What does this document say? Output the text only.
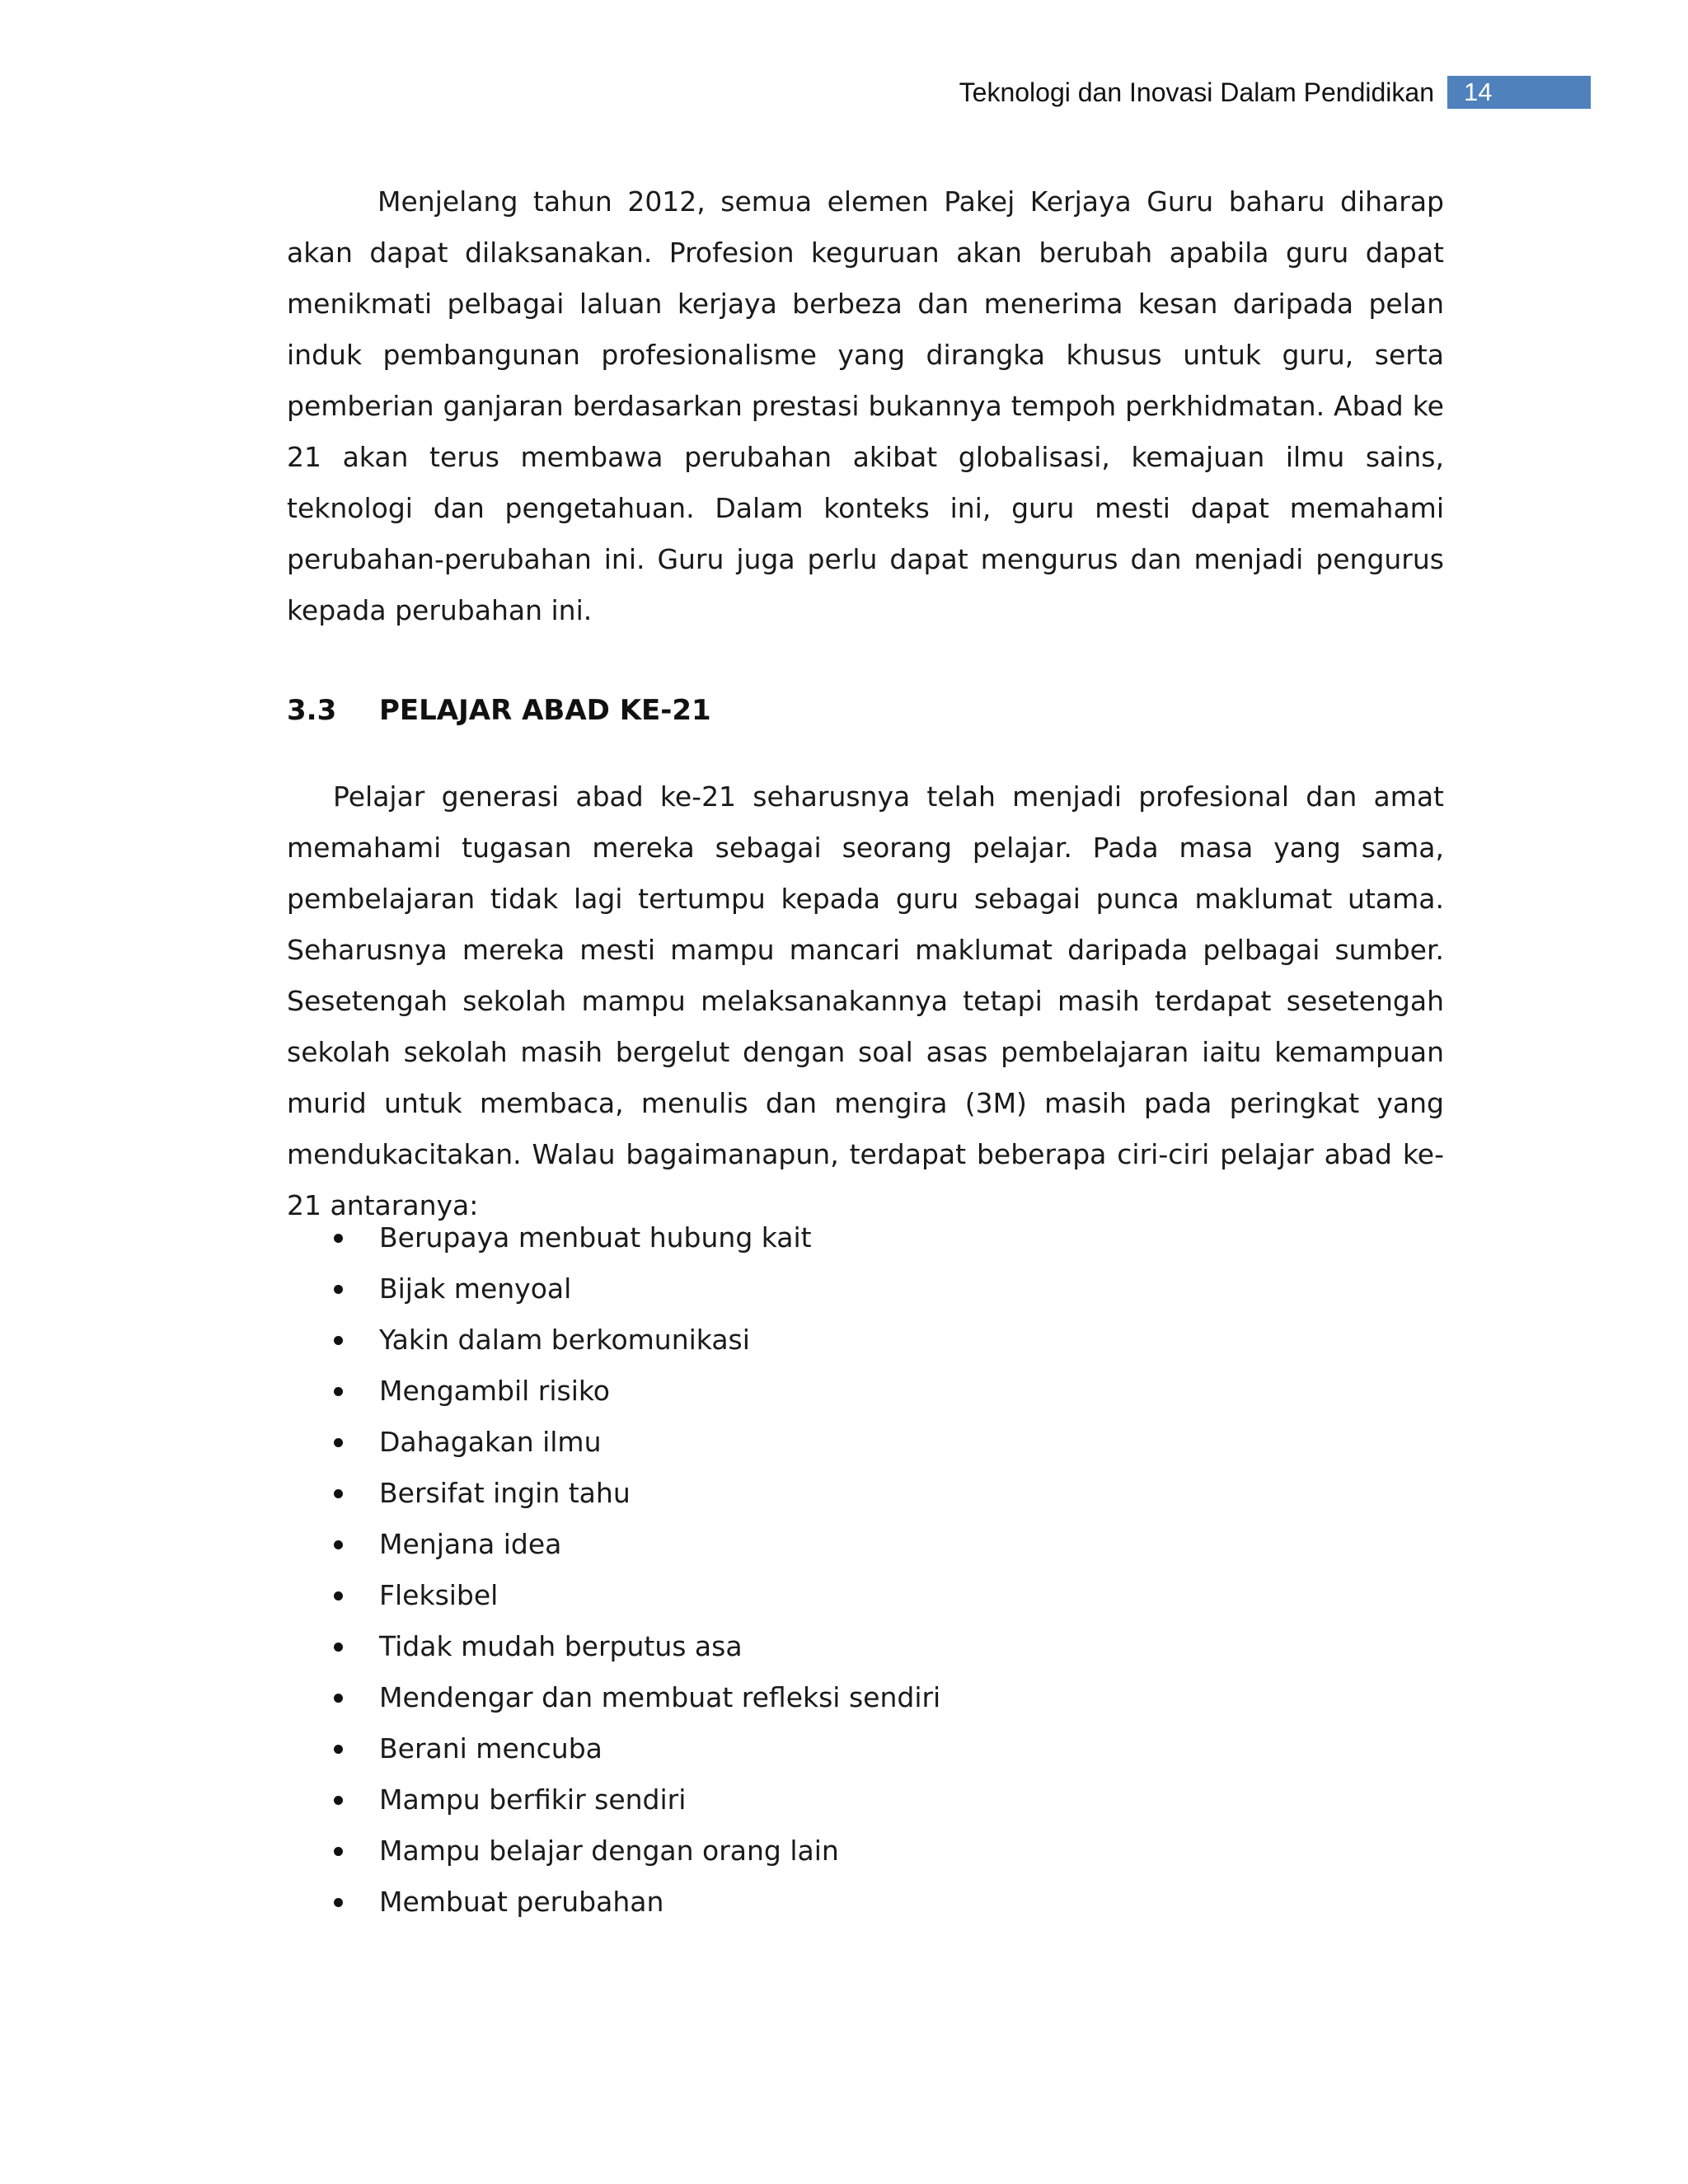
Teknologi dan Inovasi Dalam Pendidikan 14

Menjelang tahun 2012, semua elemen Pakej Kerjaya Guru baharu diharap akan dapat dilaksanakan. Profesion keguruan akan berubah apabila guru dapat menikmati pelbagai laluan kerjaya berbeza dan menerima kesan daripada pelan induk pembangunan profesionalisme yang dirangka khusus untuk guru, serta pemberian ganjaran berdasarkan prestasi bukannya tempoh perkhidmatan. Abad ke 21 akan terus membawa perubahan akibat globalisasi, kemajuan ilmu sains, teknologi dan pengetahuan. Dalam konteks ini, guru mesti dapat memahami perubahan-perubahan ini. Guru juga perlu dapat mengurus dan menjadi pengurus kepada perubahan ini.

3.3 PELAJAR ABAD KE-21

Pelajar generasi abad ke-21 seharusnya telah menjadi profesional dan amat memahami tugasan mereka sebagai seorang pelajar. Pada masa yang sama, pembelajaran tidak lagi tertumpu kepada guru sebagai punca maklumat utama. Seharusnya mereka mesti mampu mancari maklumat daripada pelbagai sumber. Sesetengah sekolah mampu melaksanakannya tetapi masih terdapat sesetengah sekolah sekolah masih bergelut dengan soal asas pembelajaran iaitu kemampuan murid untuk membaca, menulis dan mengira (3M) masih pada peringkat yang mendukacitakan. Walau bagaimanapun, terdapat beberapa ciri-ciri pelajar abad ke-21 antaranya:

Berupaya menbuat hubung kait
Bijak menyoal
Yakin dalam berkomunikasi
Mengambil risiko
Dahagakan ilmu
Bersifat ingin tahu
Menjana idea
Fleksibel
Tidak mudah berputus asa
Mendengar dan membuat refleksi sendiri
Berani mencuba
Mampu berfikir sendiri
Mampu belajar dengan orang lain
Membuat perubahan
